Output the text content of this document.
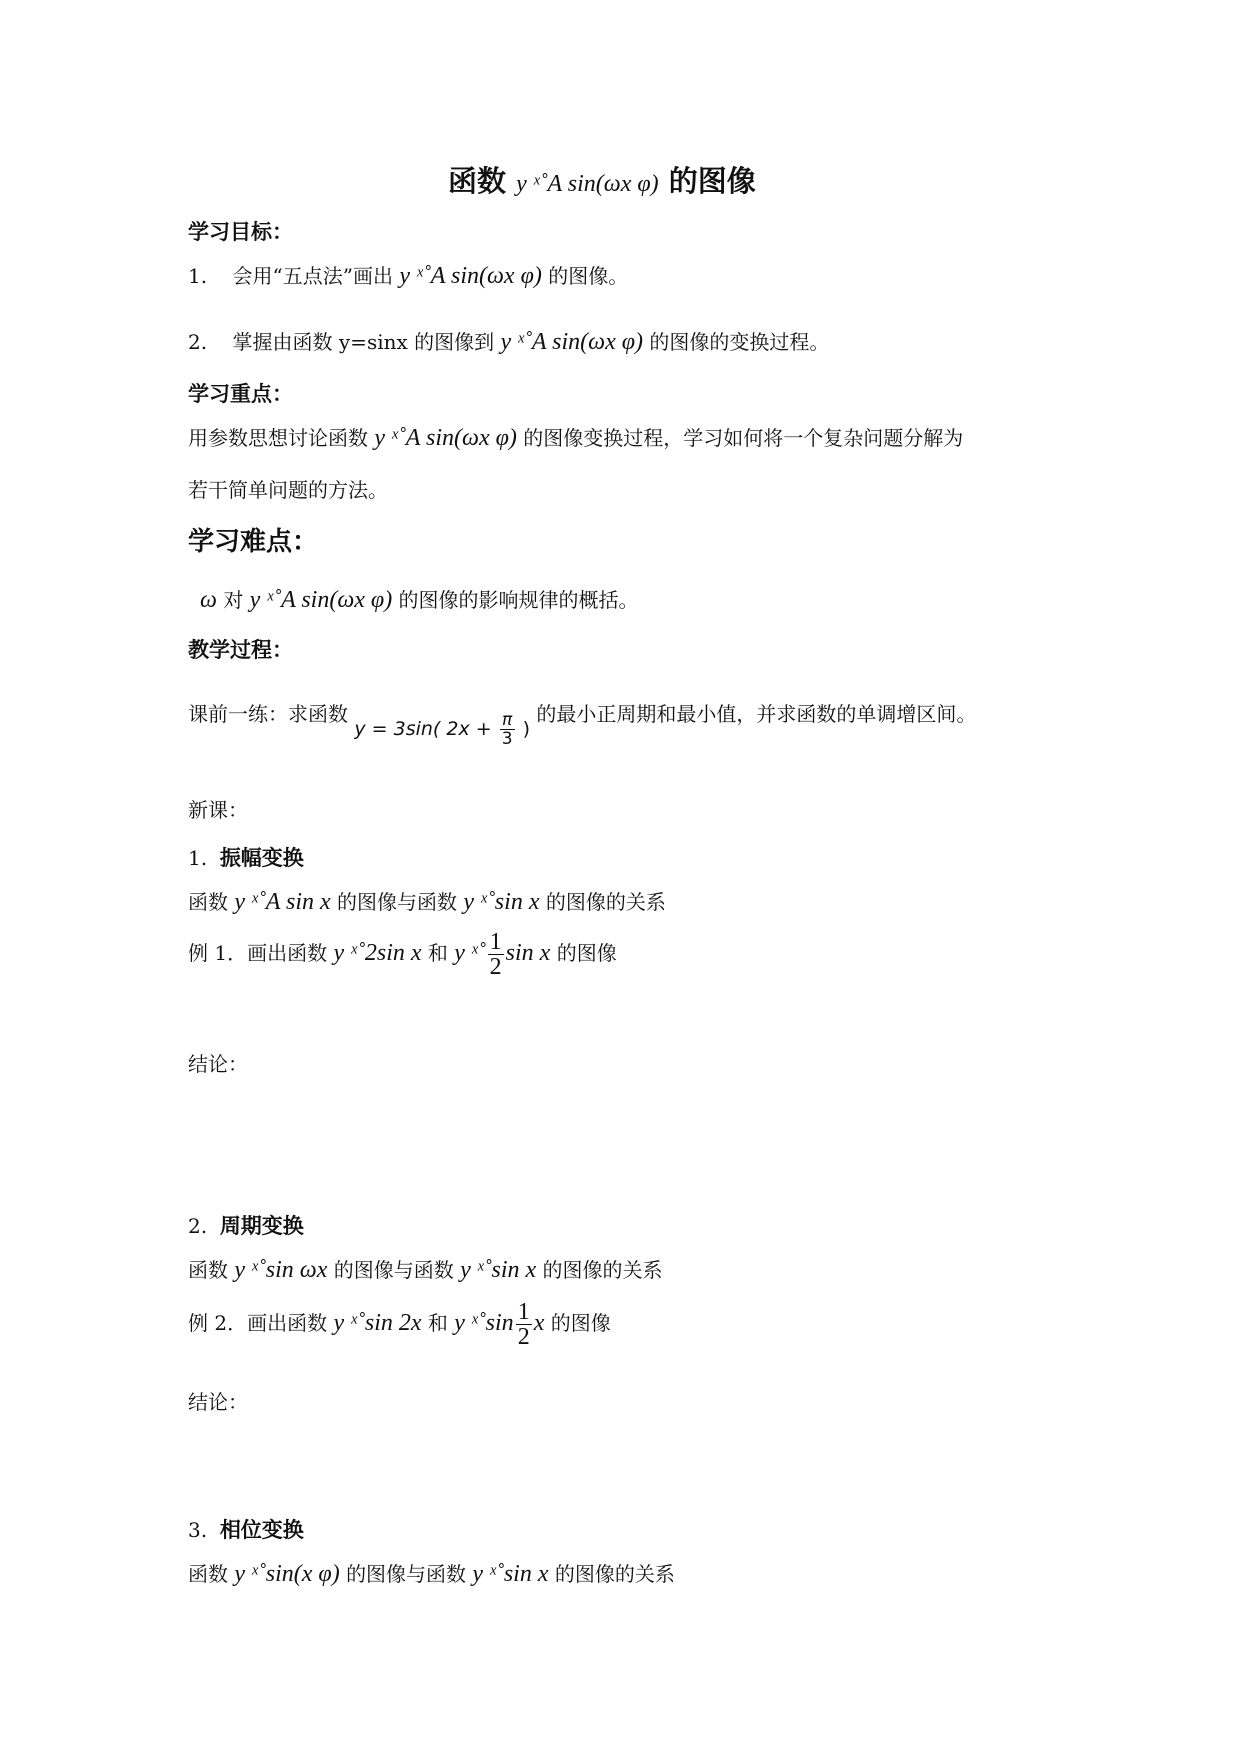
函数 y ˣ˚A sin(ωx φ) 的图像
学习目标：
1. 会用“五点法”画出 y ˣ˚A sin(ωx φ) 的图像。
2. 掌握由函数 y=sinx 的图像到 y ˣ˚A sin(ωx φ) 的图像的变换过程。
学习重点：
用参数思想讨论函数 y ˣ˚A sin(ωx φ) 的图像变换过程，学习如何将一个复杂问题分解为
若干简单问题的方法。
学习难点：
ω 对 y ˣ˚A sin(ωx φ) 的图像的影响规律的概括。
教学过程：
课前一练：求函数 y = 3sin( $2x + \frac{\pi}{3}$ ) 的最小正周期和最小值，并求函数的单调增区间。
新课：
1. 振幅变换
函数 y ˣ˚A sin x 的图像与函数 y ˣ˚sin x 的图像的关系
例 1．画出函数 y ˣ˚2sin x 和 y ˣ˚ $\frac{1}{2}$ sin x 的图像
结论：
2. 周期变换
函数 y ˣ˚sin ωx 的图像与函数 y ˣ˚sin x 的图像的关系
例 2．画出函数 y ˣ˚sin 2x 和 y ˣ˚sin $\frac{1}{2}$ x 的图像
结论：
3. 相位变换
函数 y ˣ˚sin(x φ) 的图像与函数 y ˣ˚sin x 的图像的关系
